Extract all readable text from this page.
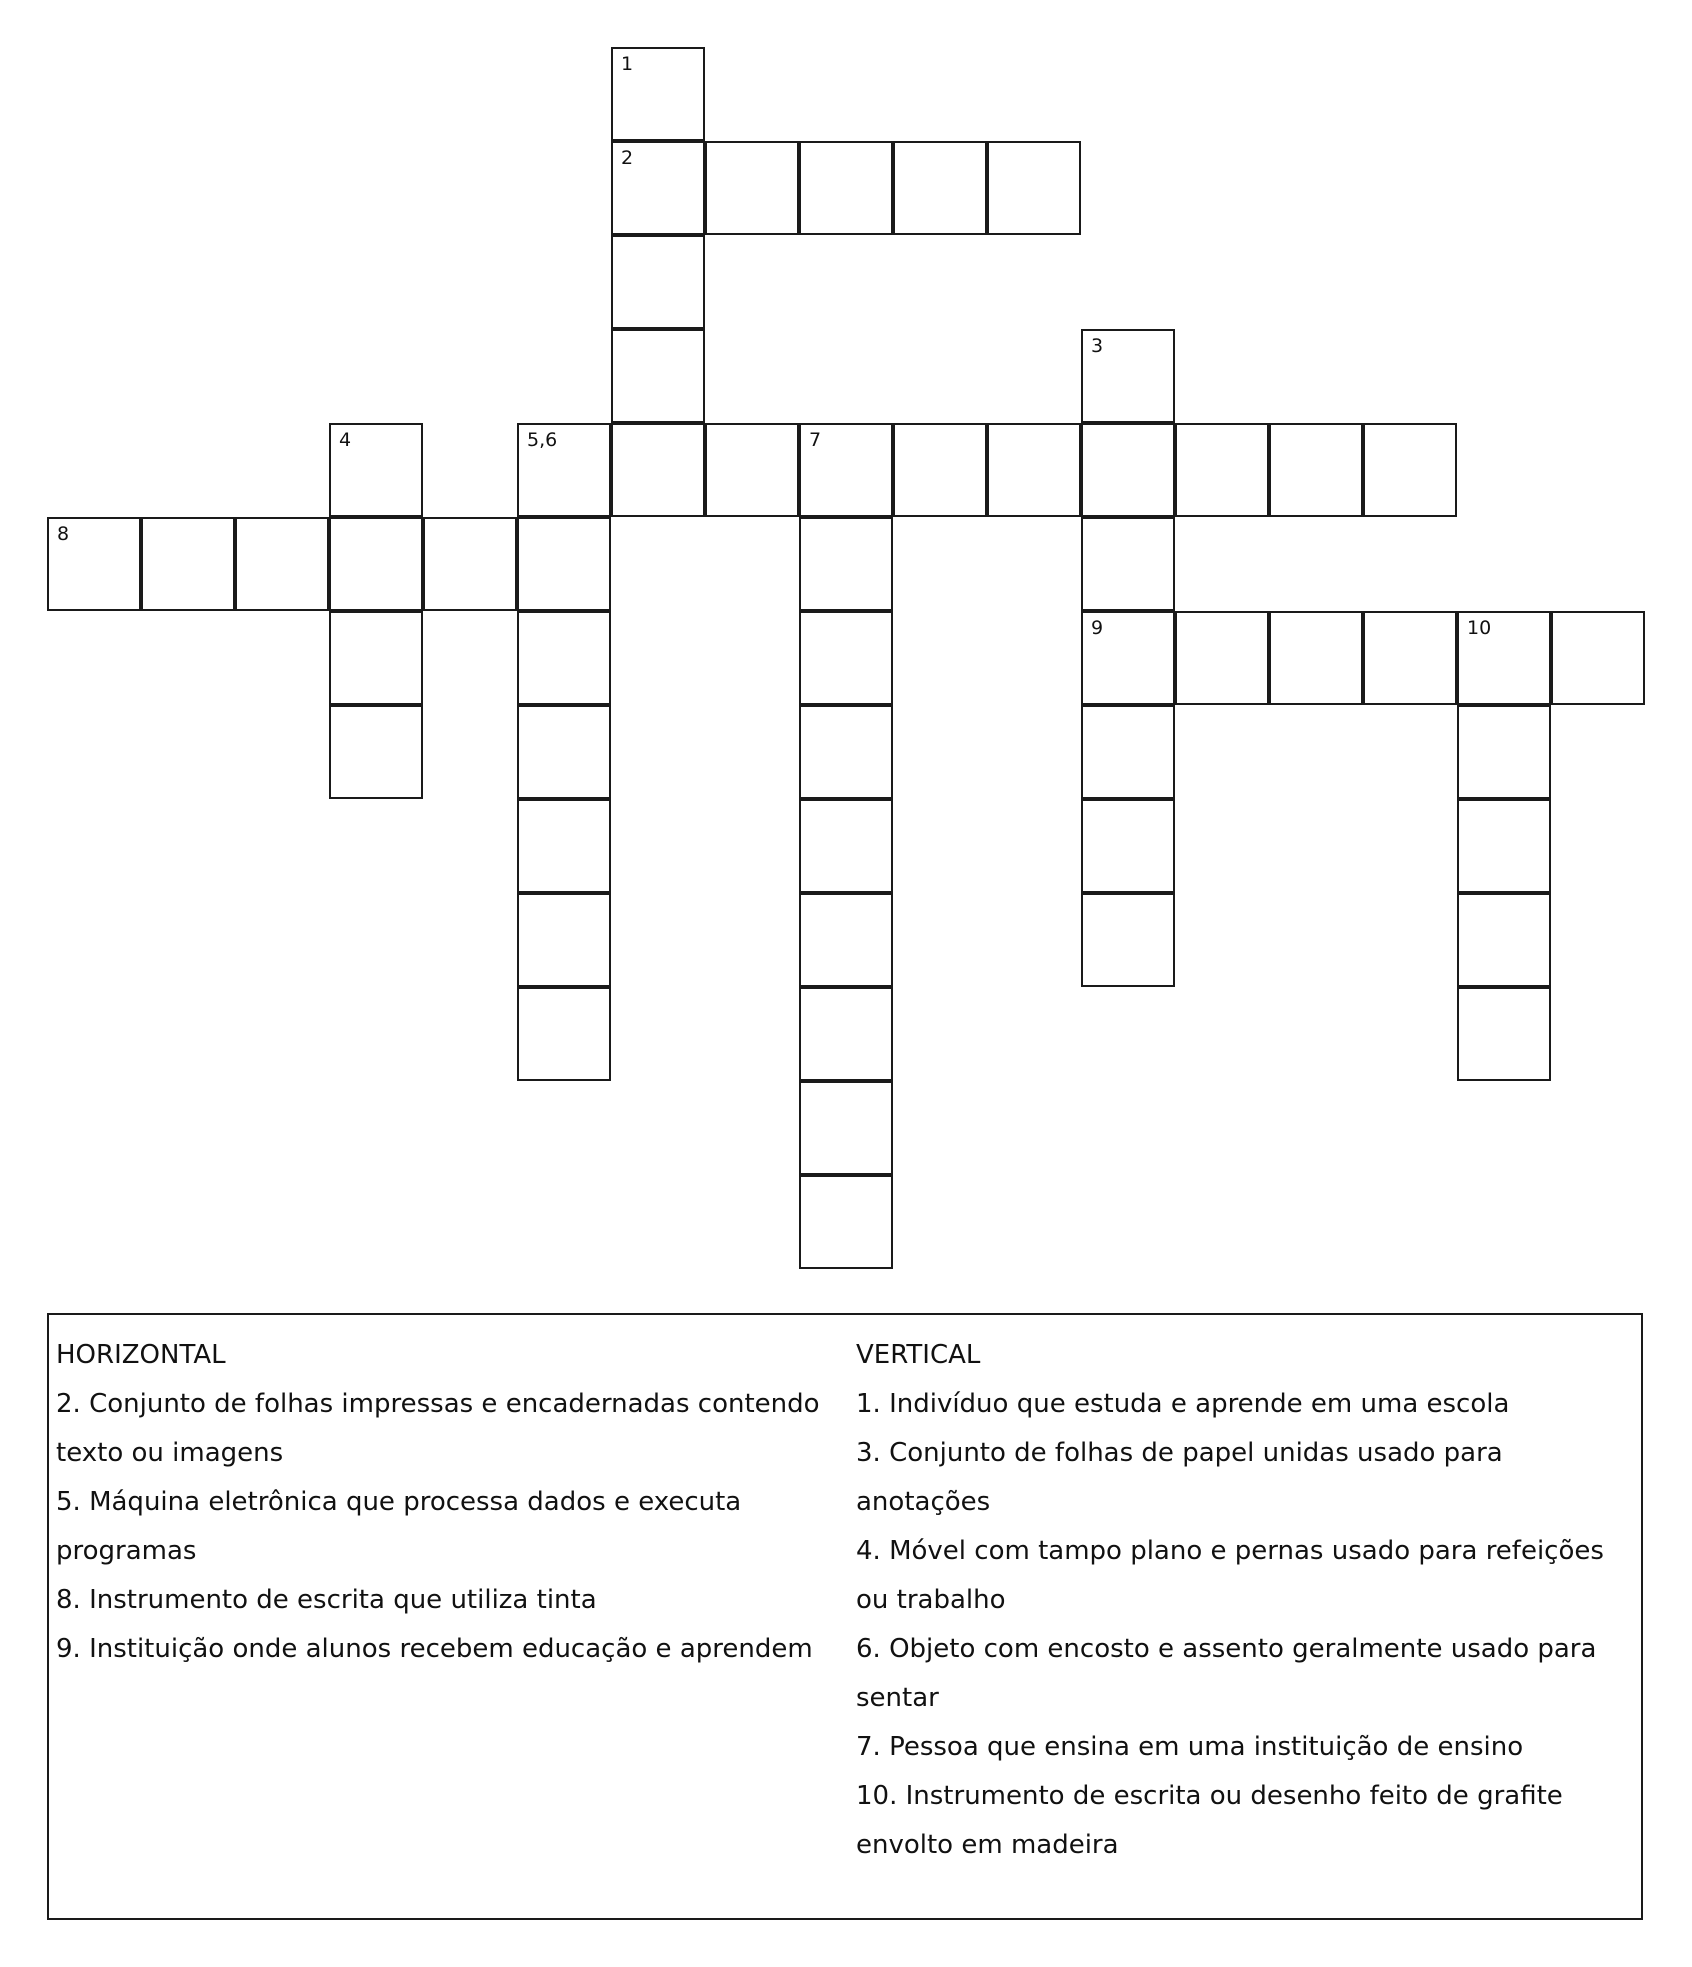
1
2
3
5,6	7
4
8
9	10
HORIZONTAL
2. Conjunto de folhas impressas e encadernadas contendo texto ou imagens
5. Máquina eletrônica que processa dados e executa programas
8. Instrumento de escrita que utiliza tinta
9. Instituição onde alunos recebem educação e aprendem
VERTICAL
1. Indivíduo que estuda e aprende em uma escola
3. Conjunto de folhas de papel unidas usado para anotações
4. Móvel com tampo plano e pernas usado para refeições ou trabalho
6. Objeto com encosto e assento geralmente usado para sentar
7. Pessoa que ensina em uma instituição de ensino
10. Instrumento de escrita ou desenho feito de grafite envolto em madeira
